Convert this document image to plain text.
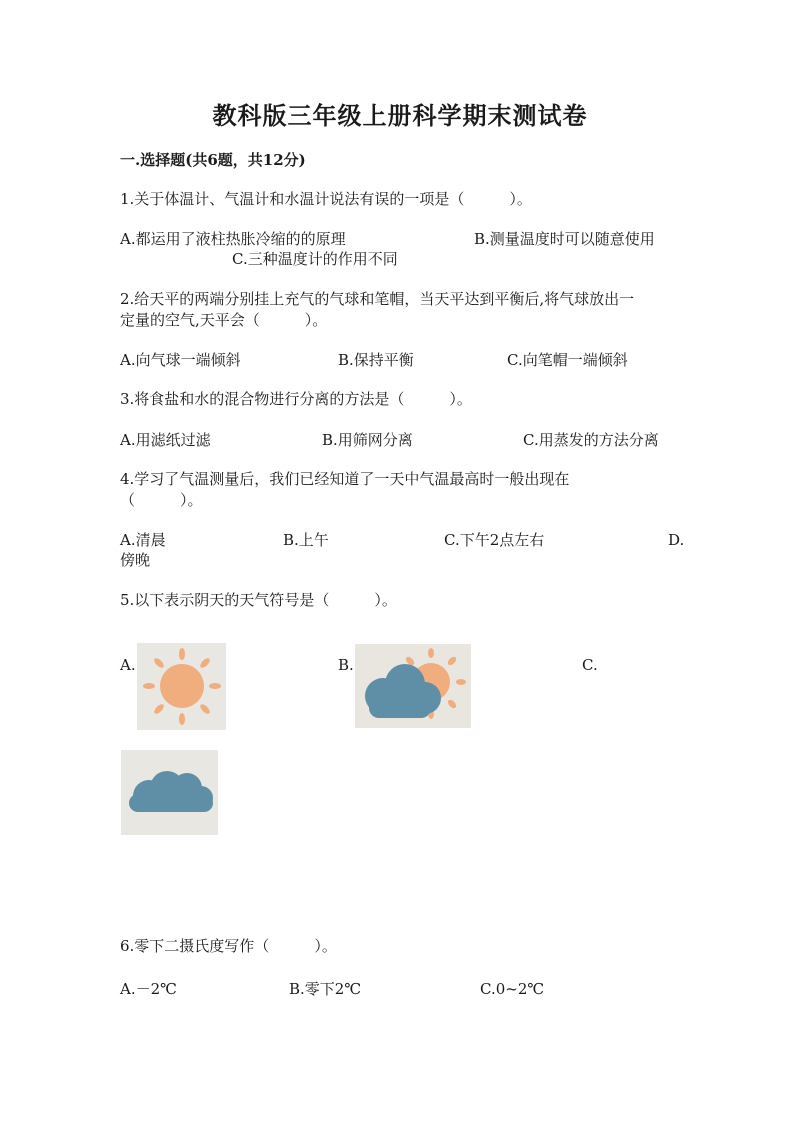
教科版三年级上册科学期末测试卷
一.选择题(共6题，共12分)
1.关于体温计、气温计和水温计说法有误的一项是（　　　）。
A.都运用了液柱热胀冷缩的的原理	B.测量温度时可以随意使用
C.三种温度计的作用不同
2.给天平的两端分别挂上充气的气球和笔帽，当天平达到平衡后,将气球放出一
定量的空气,天平会（　　　）。
A.向气球一端倾斜	B.保持平衡	C.向笔帽一端倾斜
3.将食盐和水的混合物进行分离的方法是（　　　）。
A.用滤纸过滤	B.用筛网分离	C.用蒸发的方法分离
4.学习了气温测量后，我们已经知道了一天中气温最高时一般出现在
（　　　）。
A.清晨	B.上午	C.下午2点左右	D.
傍晚
5.以下表示阴天的天气符号是（　　　）。
A.	B.	C.
6.零下二摄氏度写作（　　　）。
A.－2℃	B.零下2℃	C.0~2℃
